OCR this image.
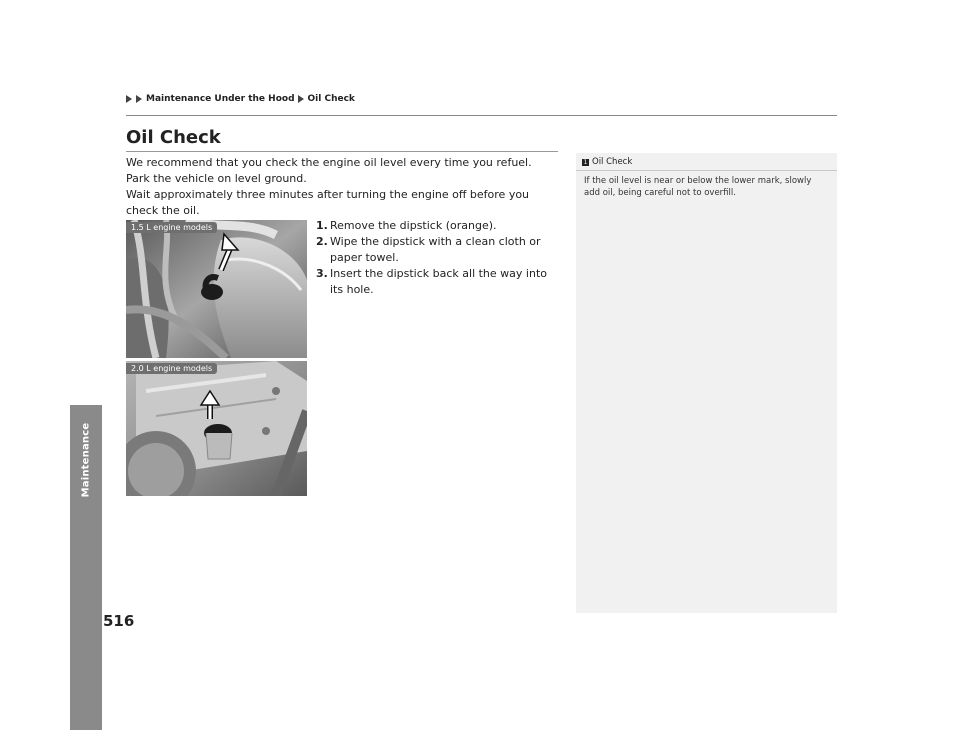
Maintenance
516
Maintenance Under the Hood Oil Check
Oil Check

We recommend that you check the engine oil level every time you refuel.

Park the vehicle on level ground.

Wait approximately three minutes after turning the engine off before you check the oil.

1. Remove the dipstick (orange).
2. Wipe the dipstick with a clean cloth or paper towel.
3. Insert the dipstick back all the way into its hole.
1.5 L engine models
2.0 L engine models
1 Oil Check
If the oil level is near or below the lower mark, slowly add oil, being careful not to overfill.
